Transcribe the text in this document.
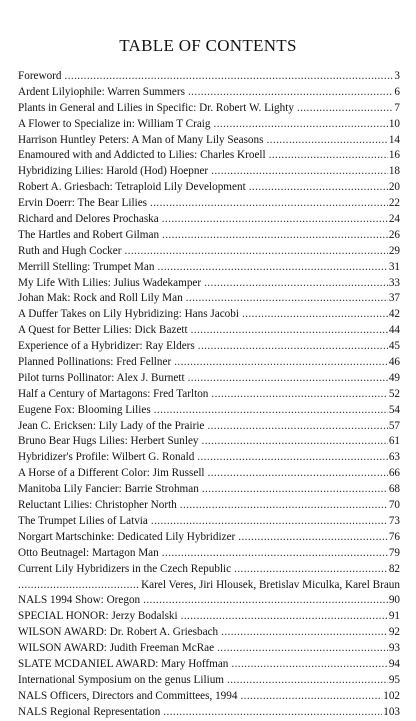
TABLE OF CONTENTS
Foreword . . .	3
Ardent Lilyiophile: Warren Summers . . .	6
Plants in General and Lilies in Specific: Dr. Robert W. Lighty . . .	7
A Flower to Specialize in: William T Craig . . .	10
Harrison Huntley Peters: A Man of Many Lily Seasons . . .	14
Enamoured with and Addicted to Lilies: Charles Kroell . . .	16
Hybridizing Lilies: Harold (Hod) Hoepner . . .	18
Robert A. Griesbach: Tetraploid Lily Development . . .	20
Ervin Doerr: The Bear Lilies . . .	22
Richard and Delores Prochaska . . .	24
The Hartles and Robert Gilman . . .	26
Ruth and Hugh Cocker . . .	29
Merrill Stelling: Trumpet Man . . .	31
My Life With Lilies: Julius Wadekamper . . .	33
Johan Mak: Rock and Roll Lily Man . . .	37
A Duffer Takes on Lily Hybridizing: Hans Jacobi . . .	42
A Quest for Better Lilies: Dick Bazett . . .	44
Experience of a Hybridizer: Ray Elders . . .	45
Planned Pollinations: Fred Fellner . . .	46
Pilot turns Pollinator: Alex J. Burnett . . .	49
Half a Century of Martagons: Fred Tarlton . . .	52
Eugene Fox: Blooming Lilies . . .	54
Jean C. Ericksen: Lily Lady of the Prairie . . .	57
Bruno Bear Hugs Lilies: Herbert Sunley . . .	61
Hybridizer's Profile: Wilbert G. Ronald . . .	63
A Horse of a Different Color: Jim Russell . . .	66
Manitoba Lily Fancier: Barrie Strohman . . .	68
Reluctant Lilies: Christopher North . . .	70
The Trumpet Lilies of Latvia . . .	73
Norgart Martschinke: Dedicated Lily Hybridizer . . .	76
Otto Beutnagel: Martagon Man . . .	79
Current Lily Hybridizers in the Czech Republic . . .	82
. . .
Karel Veres, Jiri Hlousek, Bretislav Miculka, Karel Braun
NALS 1994 Show: Oregon . . .	90
SPECIAL HONOR: Jerzy Bodalski . . .	91
WILSON AWARD: Dr. Robert A. Griesbach . . .	92
WILSON AWARD: Judith Freeman McRae . . .	93
SLATE MCDANIEL AWARD: Mary Hoffman . . .	94
International Symposium on the genus Lilium . . .	95
NALS Officers, Directors and Committees, 1994 . . .	102
NALS Regional Representation . . .	103
